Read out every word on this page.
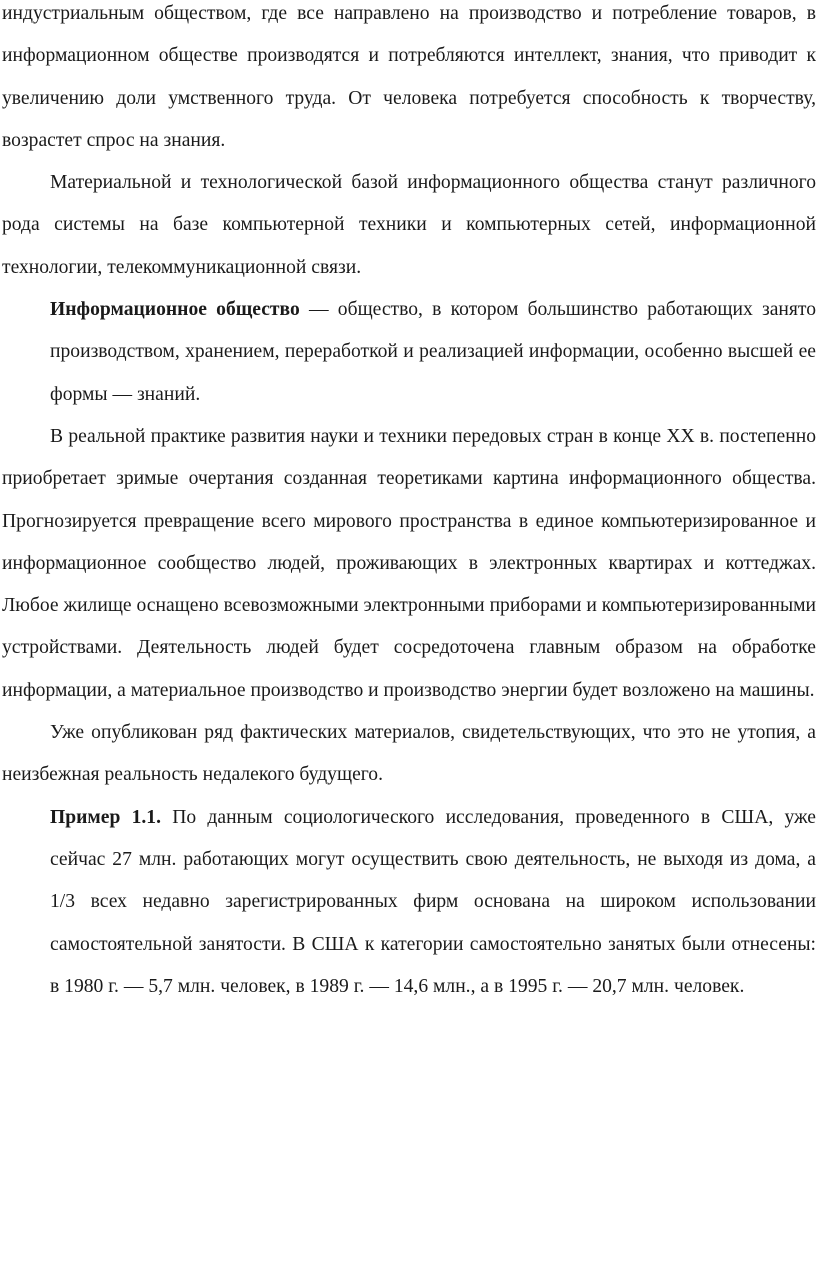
индустриальным обществом, где все направлено на производство и потребление товаров, в информационном обществе производятся и потребляются интеллект, знания, что приводит к увеличению доли умственного труда. От человека потребуется способность к творчеству, возрастет спрос на знания.

Материальной и технологической базой информационного общества станут различного рода системы на базе компьютерной техники и компьютерных сетей, информационной технологии, телекоммуникационной связи.

Информационное общество — общество, в котором большинство работающих занято производством, хранением, переработкой и реализацией информации, особенно высшей ее формы — знаний.

В реальной практике развития науки и техники передовых стран в конце XX в. постепенно приобретает зримые очертания созданная теоретиками картина информационного общества. Прогнозируется превращение всего мирового пространства в единое компьютеризированное и информационное сообщество людей, проживающих в электронных квартирах и коттеджах. Любое жилище оснащено всевозможными электронными приборами и компьютеризированными устройствами. Деятельность людей будет сосредоточена главным образом на обработке информации, а материальное производство и производство энергии будет возложено на машины.

Уже опубликован ряд фактических материалов, свидетельствующих, что это не утопия, а неизбежная реальность недалекого будущего.

Пример 1.1. По данным социологического исследования, проведенного в США, уже сейчас 27 млн. работающих могут осуществить свою деятельность, не выходя из дома, а 1/3 всех недавно зарегистрированных фирм основана на широком использовании самостоятельной занятости. В США к категории самостоятельно занятых были отнесены: в 1980 г. — 5,7 млн. человек, в 1989 г. — 14,6 млн., а в 1995 г. — 20,7 млн. человек.
